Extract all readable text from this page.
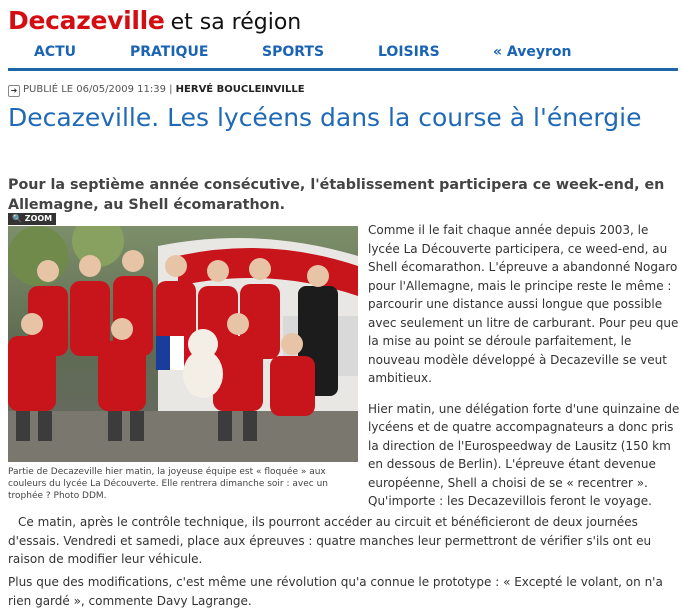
Decazeville et sa région
ACTU	PRATIQUE	SPORTS	LOISIRS	« Aveyron
➜ PUBLIÉ LE 06/05/2009 11:39 | HERVÉ BOUCLEINVILLE
Decazeville. Les lycéens dans la course à l'énergie

Pour la septième année consécutive, l'établissement participera ce week-end, en Allemagne, au Shell écomarathon.

🔍 ZOOM

Partie de Decazeville hier matin, la joyeuse équipe est « floquée » aux couleurs du lycée La Découverte. Elle rentrera dimanche soir : avec un trophée ? Photo DDM.

Comme il le fait chaque année depuis 2003, le lycée La Découverte participera, ce weed-end, au Shell écomarathon. L'épreuve a abandonné Nogaro pour l'Allemagne, mais le principe reste le même : parcourir une distance aussi longue que possible avec seulement un litre de carburant. Pour peu que la mise au point se déroule parfaitement, le nouveau modèle développé à Decazeville se veut ambitieux.

Hier matin, une délégation forte d'une quinzaine de lycéens et de quatre accompagnateurs a donc pris la direction de l'Eurospeedway de Lausitz (150 km en dessous de Berlin). L'épreuve étant devenue européenne, Shell a choisi de se « recentrer ». Qu'importe : les Decazevillois feront le voyage.

Ce matin, après le contrôle technique, ils pourront accéder au circuit et bénéficieront de deux journées d'essais. Vendredi et samedi, place aux épreuves : quatre manches leur permettront de vérifier s'ils ont eu raison de modifier leur véhicule.

Plus que des modifications, c'est même une révolution qu'a connue le prototype : « Excepté le volant, on n'a rien gardé », commente Davy Lagrange.
